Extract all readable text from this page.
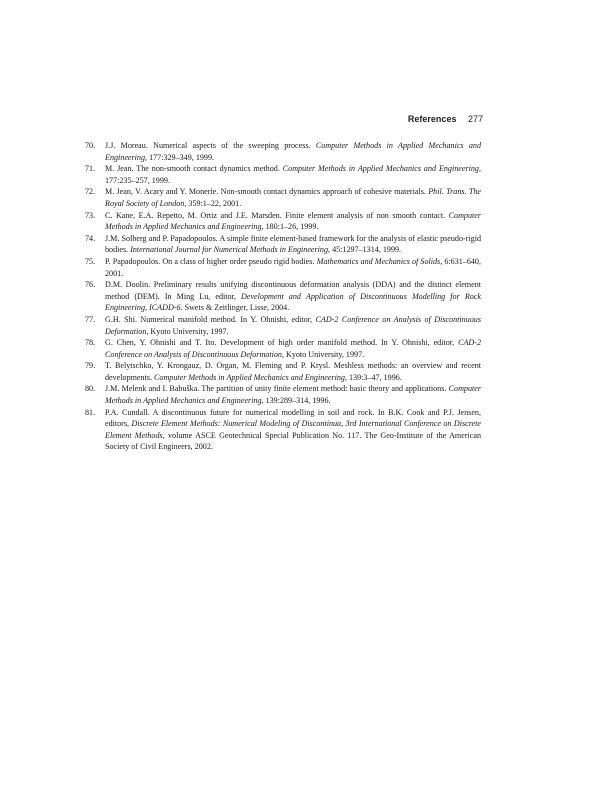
References 277
70.	J.J. Moreau. Numerical aspects of the sweeping process. Computer Methods in Applied Mechanics and Engineering, 177:329–349, 1999.
71.	M. Jean. The non-smooth contact dynamics method. Computer Methods in Applied Mechanics and Engineering, 177:235–257, 1999.
72.	M. Jean, V. Acary and Y. Monerie. Non-smooth contact dynamics approach of cohesive materials. Phil. Trans. The Royal Society of London, 359:1–22, 2001.
73.	C. Kane, E.A. Repetto, M. Ortiz and J.E. Marsden. Finite element analysis of non smooth contact. Computer Methods in Applied Mechanics and Engineering, 180:1–26, 1999.
74.	J.M. Solberg and P. Papadopoulos. A simple finite element-based framework for the analysis of elastic pseudo-rigid bodies. International Journal for Numerical Methods in Engineering, 45:1297–1314, 1999.
75.	P. Papadopoulos. On a class of higher order pseudo rigid bodies. Mathematics and Mechanics of Solids, 6:631–640, 2001.
76.	D.M. Doolin. Preliminary results unifying discontinuous deformation analysis (DDA) and the distinct element method (DEM). In Ming Lu, editor, Development and Application of Discontinuous Modelling for Rock Engineering, ICADD-6. Swets & Zeitlinger, Lisse, 2004.
77.	G.H. Shi. Numerical manifold method. In Y. Ohnishi, editor, CAD-2 Conference on Analysis of Discontinuous Deformation, Kyoto University, 1997.
78.	G. Chen, Y. Ohnishi and T. Ito. Development of high order manifold method. In Y. Ohnishi, editor, CAD-2 Conference on Analysis of Discontinuous Deformation, Kyoto University, 1997.
79.	T. Belytschko, Y. Krongauz, D. Organ, M. Fleming and P. Krysl. Meshless methods: an overview and recent developments. Computer Methods in Applied Mechanics and Engineering, 139:3–47, 1996.
80.	J.M. Melenk and I. Babuška. The partition of unity finite element method: basic theory and applications. Computer Methods in Applied Mechanics and Engineering, 139:289–314, 1996.
81.	P.A. Cundall. A discontinuous future for numerical modelling in soil and rock. In B.K. Cook and P.J. Jensen, editors, Discrete Element Methods: Numerical Modeling of Discontinua, 3rd International Conference on Discrete Element Methods, volume ASCE Geotechnical Special Publication No. 117. The Geo-Institute of the American Society of Civil Engineers, 2002.
